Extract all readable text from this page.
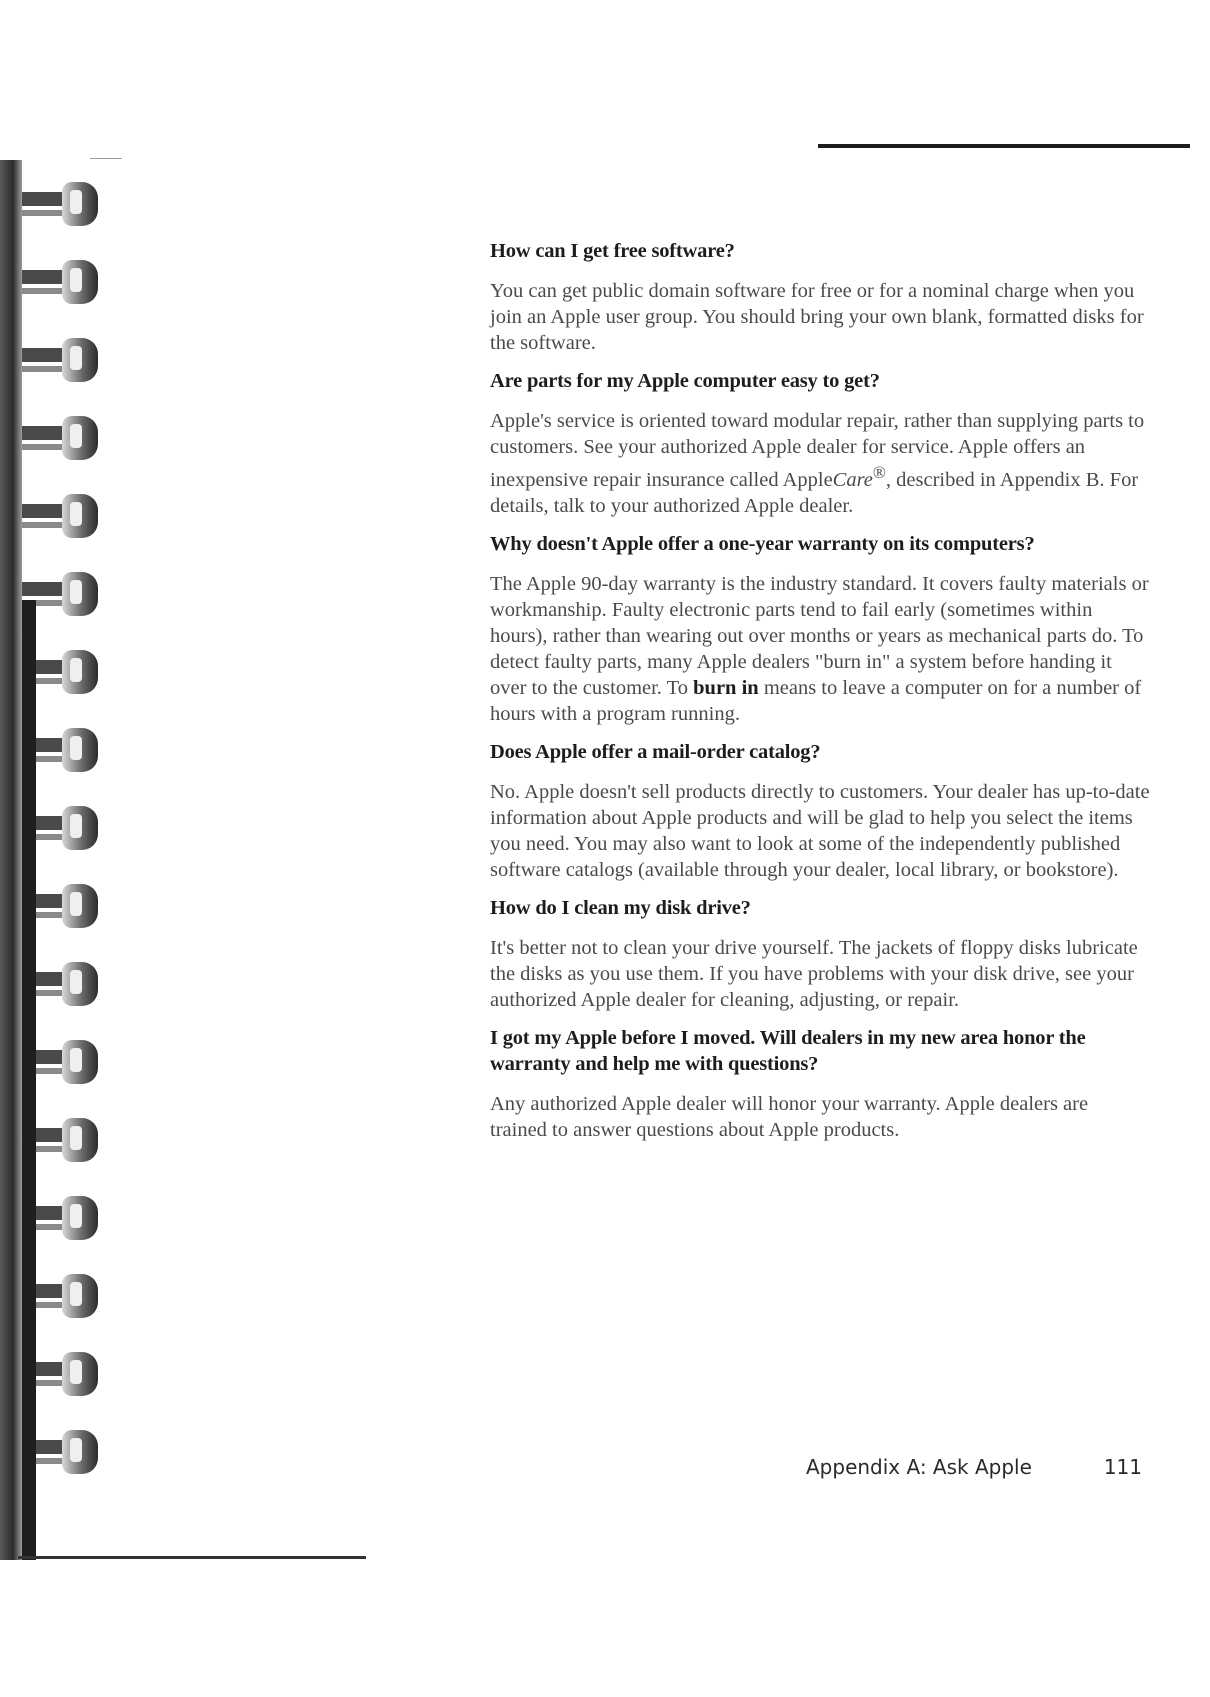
How can I get free software?

You can get public domain software for free or for a nominal charge when you join an Apple user group. You should bring your own blank, formatted disks for the software.

Are parts for my Apple computer easy to get?

Apple's service is oriented toward modular repair, rather than supplying parts to customers. See your authorized Apple dealer for service. Apple offers an inexpensive repair insurance called AppleCare®, described in Appendix B. For details, talk to your authorized Apple dealer.

Why doesn't Apple offer a one-year warranty on its computers?

The Apple 90-day warranty is the industry standard. It covers faulty materials or workmanship. Faulty electronic parts tend to fail early (sometimes within hours), rather than wearing out over months or years as mechanical parts do. To detect faulty parts, many Apple dealers "burn in" a system before handing it over to the customer. To burn in means to leave a computer on for a number of hours with a program running.

Does Apple offer a mail-order catalog?

No. Apple doesn't sell products directly to customers. Your dealer has up-to-date information about Apple products and will be glad to help you select the items you need. You may also want to look at some of the independently published software catalogs (available through your dealer, local library, or bookstore).

How do I clean my disk drive?

It's better not to clean your drive yourself. The jackets of floppy disks lubricate the disks as you use them. If you have problems with your disk drive, see your authorized Apple dealer for cleaning, adjusting, or repair.

I got my Apple before I moved. Will dealers in my new area honor the warranty and help me with questions?

Any authorized Apple dealer will honor your warranty. Apple dealers are trained to answer questions about Apple products.

Appendix A: Ask Apple	111
